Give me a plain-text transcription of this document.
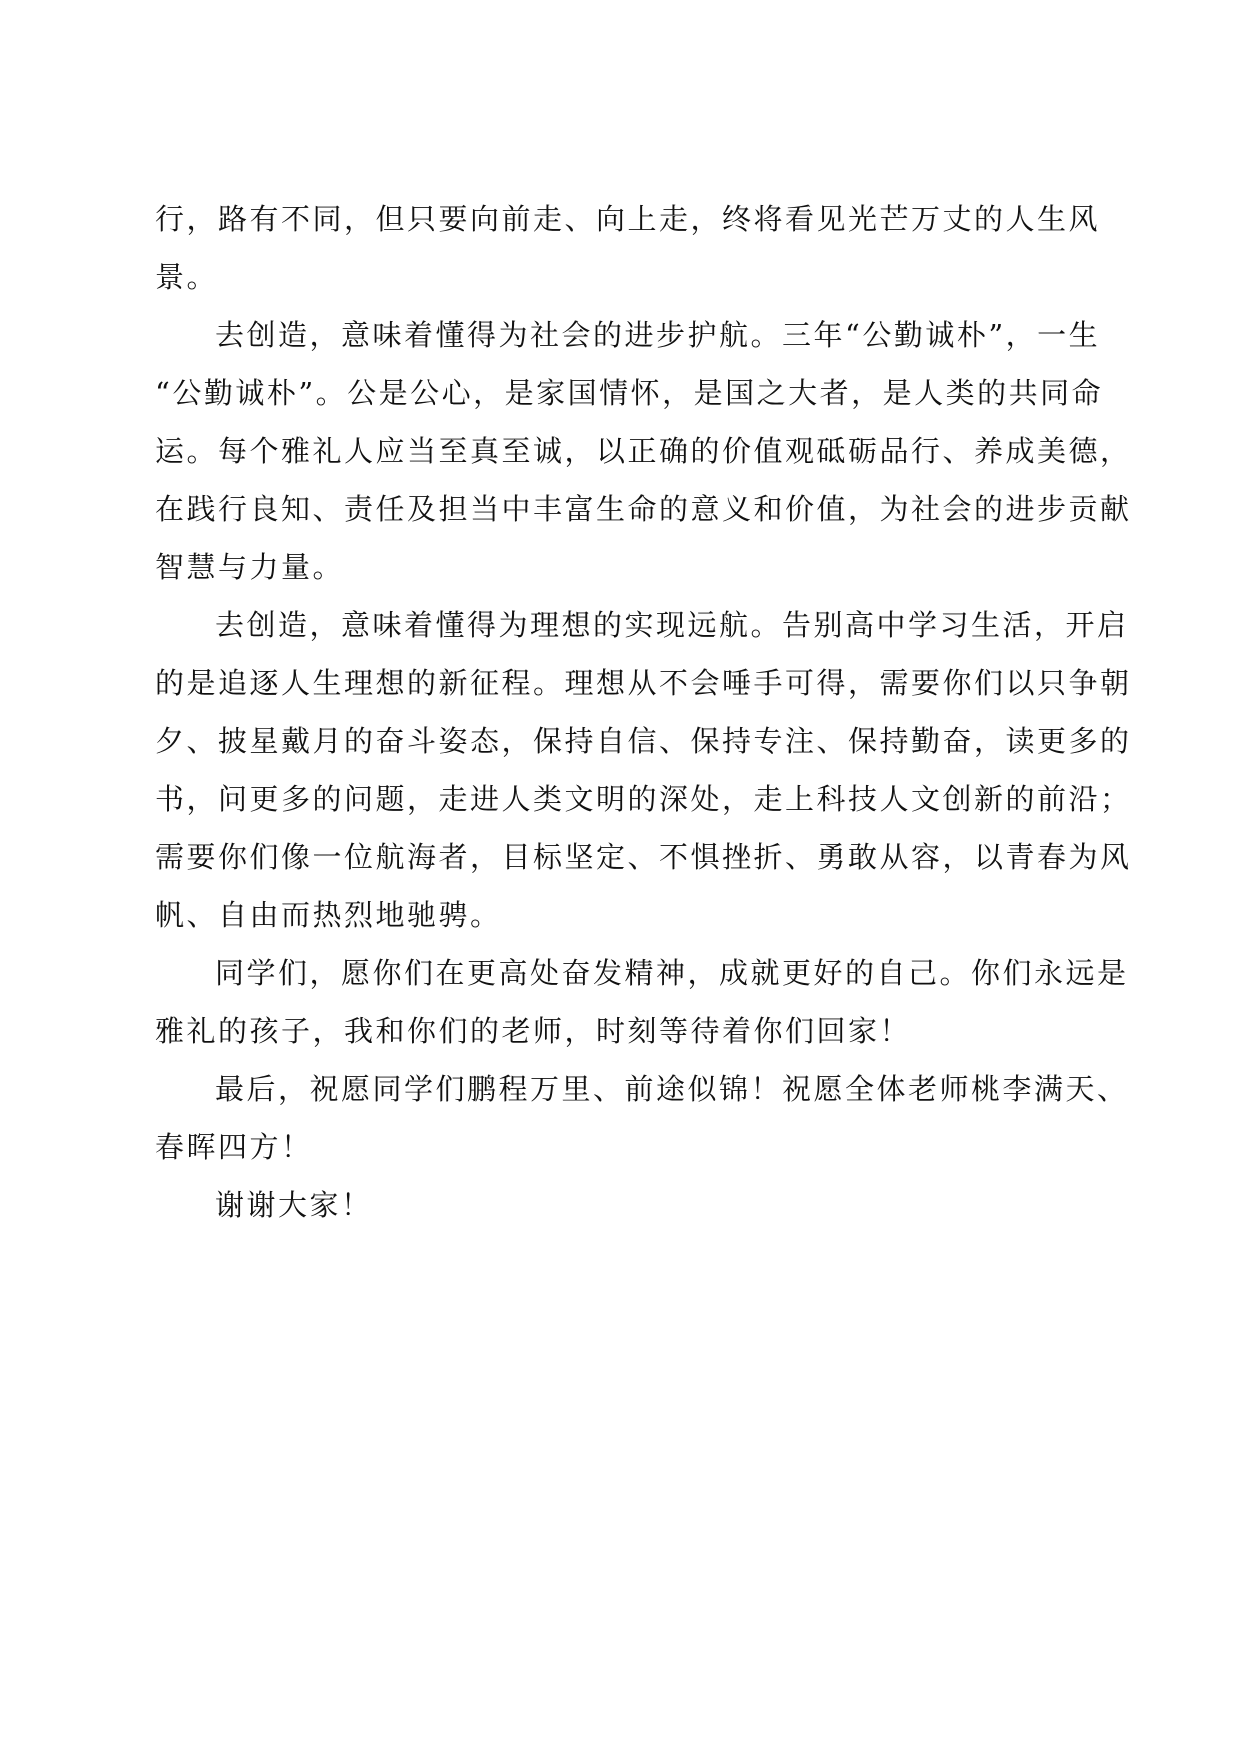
行，路有不同，但只要向前走、向上走，终将看见光芒万丈的人生风
景。
去创造，意味着懂得为社会的进步护航。三年“公勤诚朴”，一生
“公勤诚朴”。公是公心，是家国情怀，是国之大者，是人类的共同命
运。每个雅礼人应当至真至诚，以正确的价值观砥砺品行、养成美德，
在践行良知、责任及担当中丰富生命的意义和价值，为社会的进步贡献
智慧与力量。
去创造，意味着懂得为理想的实现远航。告别高中学习生活，开启
的是追逐人生理想的新征程。理想从不会唾手可得，需要你们以只争朝
夕、披星戴月的奋斗姿态，保持自信、保持专注、保持勤奋，读更多的
书，问更多的问题，走进人类文明的深处，走上科技人文创新的前沿；
需要你们像一位航海者，目标坚定、不惧挫折、勇敢从容，以青春为风
帆、自由而热烈地驰骋。
同学们，愿你们在更高处奋发精神，成就更好的自己。你们永远是
雅礼的孩子，我和你们的老师，时刻等待着你们回家！
最后，祝愿同学们鹏程万里、前途似锦！祝愿全体老师桃李满天、
春晖四方！
谢谢大家！
